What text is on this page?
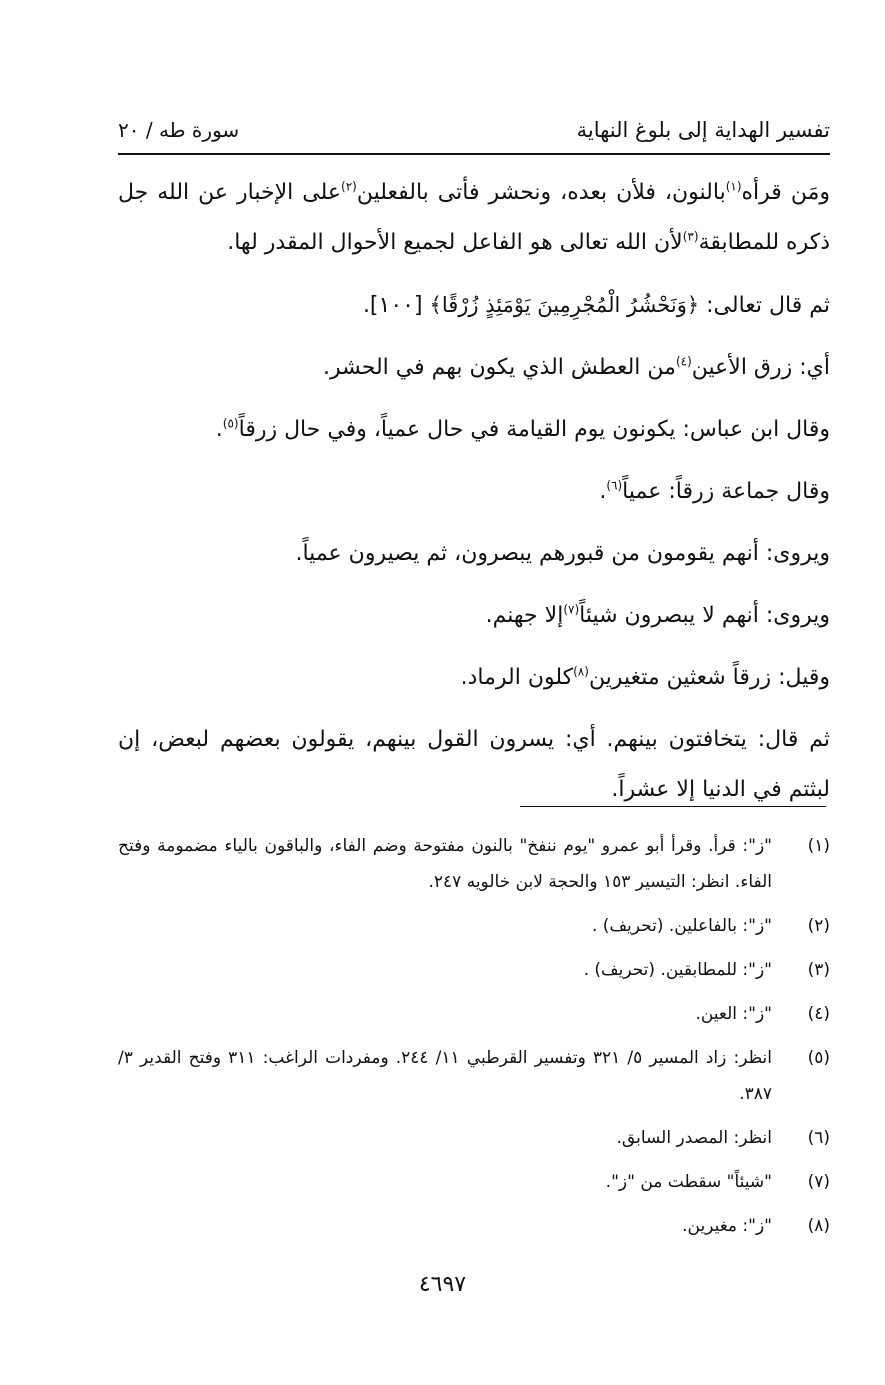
تفسير الهداية إلى بلوغ النهاية
سورة طه / ٢٠

ومَن قرأه$^{(١)}$بالنون، فلأن بعده، ونحشر فأتى بالفعلين$^{(٢)}$على الإخبار عن الله جل ذكره للمطابقة$^{(٣)}$لأن الله تعالى هو الفاعل لجميع الأحوال المقدر لها.

ثم قال تعالى: ﴿وَنَحْشُرُ الْمُجْرِمِينَ يَوْمَئِذٍ زُرْقًا﴾ [١٠٠].

أي: زرق الأعين$^{(٤)}$من العطش الذي يكون بهم في الحشر.

وقال ابن عباس: يكونون يوم القيامة في حال عمياً، وفي حال زرقاً$^{(٥)}$.

وقال جماعة زرقاً: عمياً$^{(٦)}$.

ويروى: أنهم يقومون من قبورهم يبصرون، ثم يصيرون عمياً.

ويروى: أنهم لا يبصرون شيئاً$^{(٧)}$إلا جهنم.

وقيل: زرقاً شعثين متغيرين$^{(٨)}$كلون الرماد.

ثم قال: يتخافتون بينهم. أي: يسرون القول بينهم، يقولون بعضهم لبعض، إن لبثتم في الدنيا إلا عشراً.

(١)
"ز": قرأ. وقرأ أبو عمرو "يوم ننفخ" بالنون مفتوحة وضم الفاء، والباقون بالياء مضمومة وفتح الفاء. انظر: التيسير ١٥٣ والحجة لابن خالويه ٢٤٧.
(٢)
"ز": بالفاعلين. (تحريف) .
(٣)
"ز": للمطابقين. (تحريف) .
(٤)
"ز": العين.
(٥)
انظر: زاد المسير ٥/ ٣٢١ وتفسير القرطبي ١١/ ٢٤٤. ومفردات الراغب: ٣١١ وفتح القدير ٣/ ٣٨٧.
(٦)
انظر: المصدر السابق.
(٧)
"شيئاً" سقطت من "ز".
(٨)
"ز": مغيرين.
٤٦٩٧
